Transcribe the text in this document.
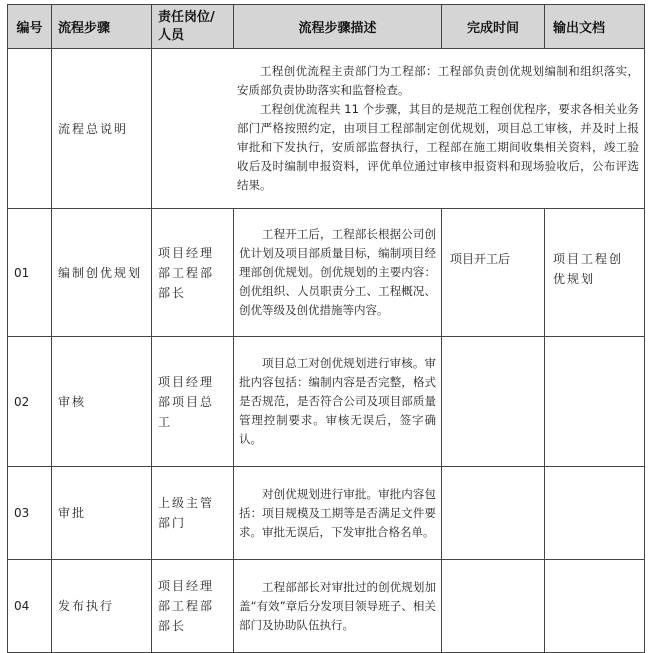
编号	流程步骤	责任岗位/
人员	流程步骤描述	完成时间	输出文档
	流程总说明	工程创优流程主责部门为工程部：工程部负责创优规划编制和组织落实，安质部负责协助落实和监督检查。

工程创优流程共 11 个步骤，其目的是规范工程创优程序，要求各相关业务部门严格按照约定，由项目工程部制定创优规划，项目总工审核，并及时上报审批和下发执行，安质部监督执行，工程部在施工期间收集相关资料，竣工验收后及时编制申报资料，评优单位通过审核申报资料和现场验收后，公布评选结果。			

01	编制创优规划	项目经理部工程部部长	工程开工后，工程部长根据公司创优计划及项目部质量目标，编制项目经理部创优规划。创优规划的主要内容：创优组织、人员职责分工、工程概况、创优等级及创优措施等内容。	项目开工后	项目工程创优规划
02	审核	项目经理部项目总工	项目总工对创优规划进行审核。审批内容包括：编制内容是否完整，格式是否规范，是否符合公司及项目部质量管理控制要求。审核无误后，签字确认。		

03	审批	上级主管部门	对创优规划进行审批。审批内容包括：项目规模及工期等是否满足文件要求。审批无误后，下发审批合格名单。		

04	发布执行	项目经理部工程部部长	工程部部长对审批过的创优规划加盖“有效”章后分发项目领导班子、相关部门及协助队伍执行。		
